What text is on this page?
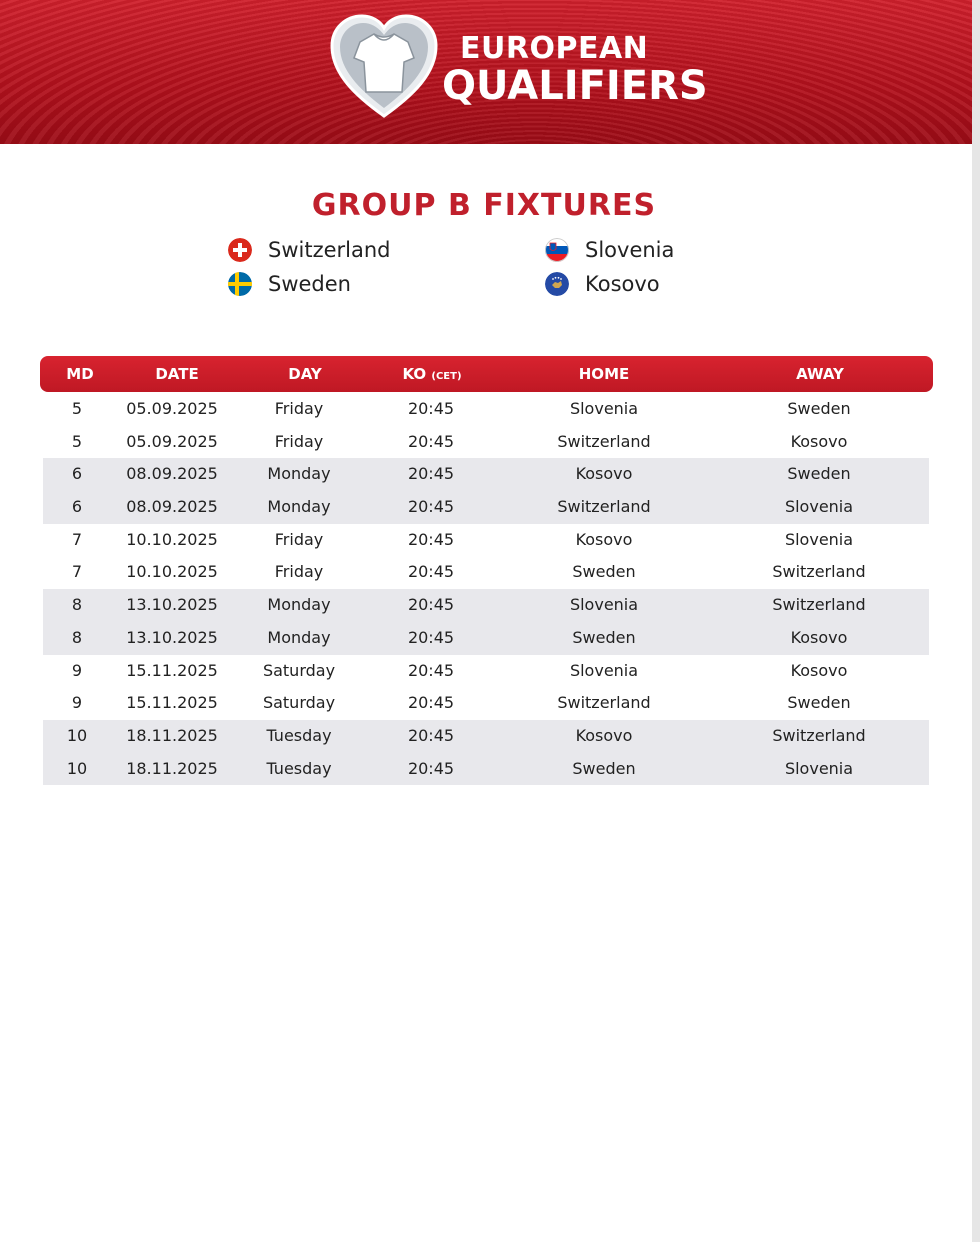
EUROPEAN
QUALIFIERS
GROUP B FIXTURES
Switzerland
Sweden
Slovenia
Kosovo
MD	DATE	DAY	KO (CET)	HOME	AWAY
5	05.09.2025	Friday	20:45	Slovenia	Sweden
5	05.09.2025	Friday	20:45	Switzerland	Kosovo
6	08.09.2025	Monday	20:45	Kosovo	Sweden
6	08.09.2025	Monday	20:45	Switzerland	Slovenia
7	10.10.2025	Friday	20:45	Kosovo	Slovenia
7	10.10.2025	Friday	20:45	Sweden	Switzerland
8	13.10.2025	Monday	20:45	Slovenia	Switzerland
8	13.10.2025	Monday	20:45	Sweden	Kosovo
9	15.11.2025	Saturday	20:45	Slovenia	Kosovo
9	15.11.2025	Saturday	20:45	Switzerland	Sweden
10 18.11.2025	Tuesday	20:45	Kosovo	Switzerland
10 18.11.2025	Tuesday	20:45	Sweden	Slovenia
